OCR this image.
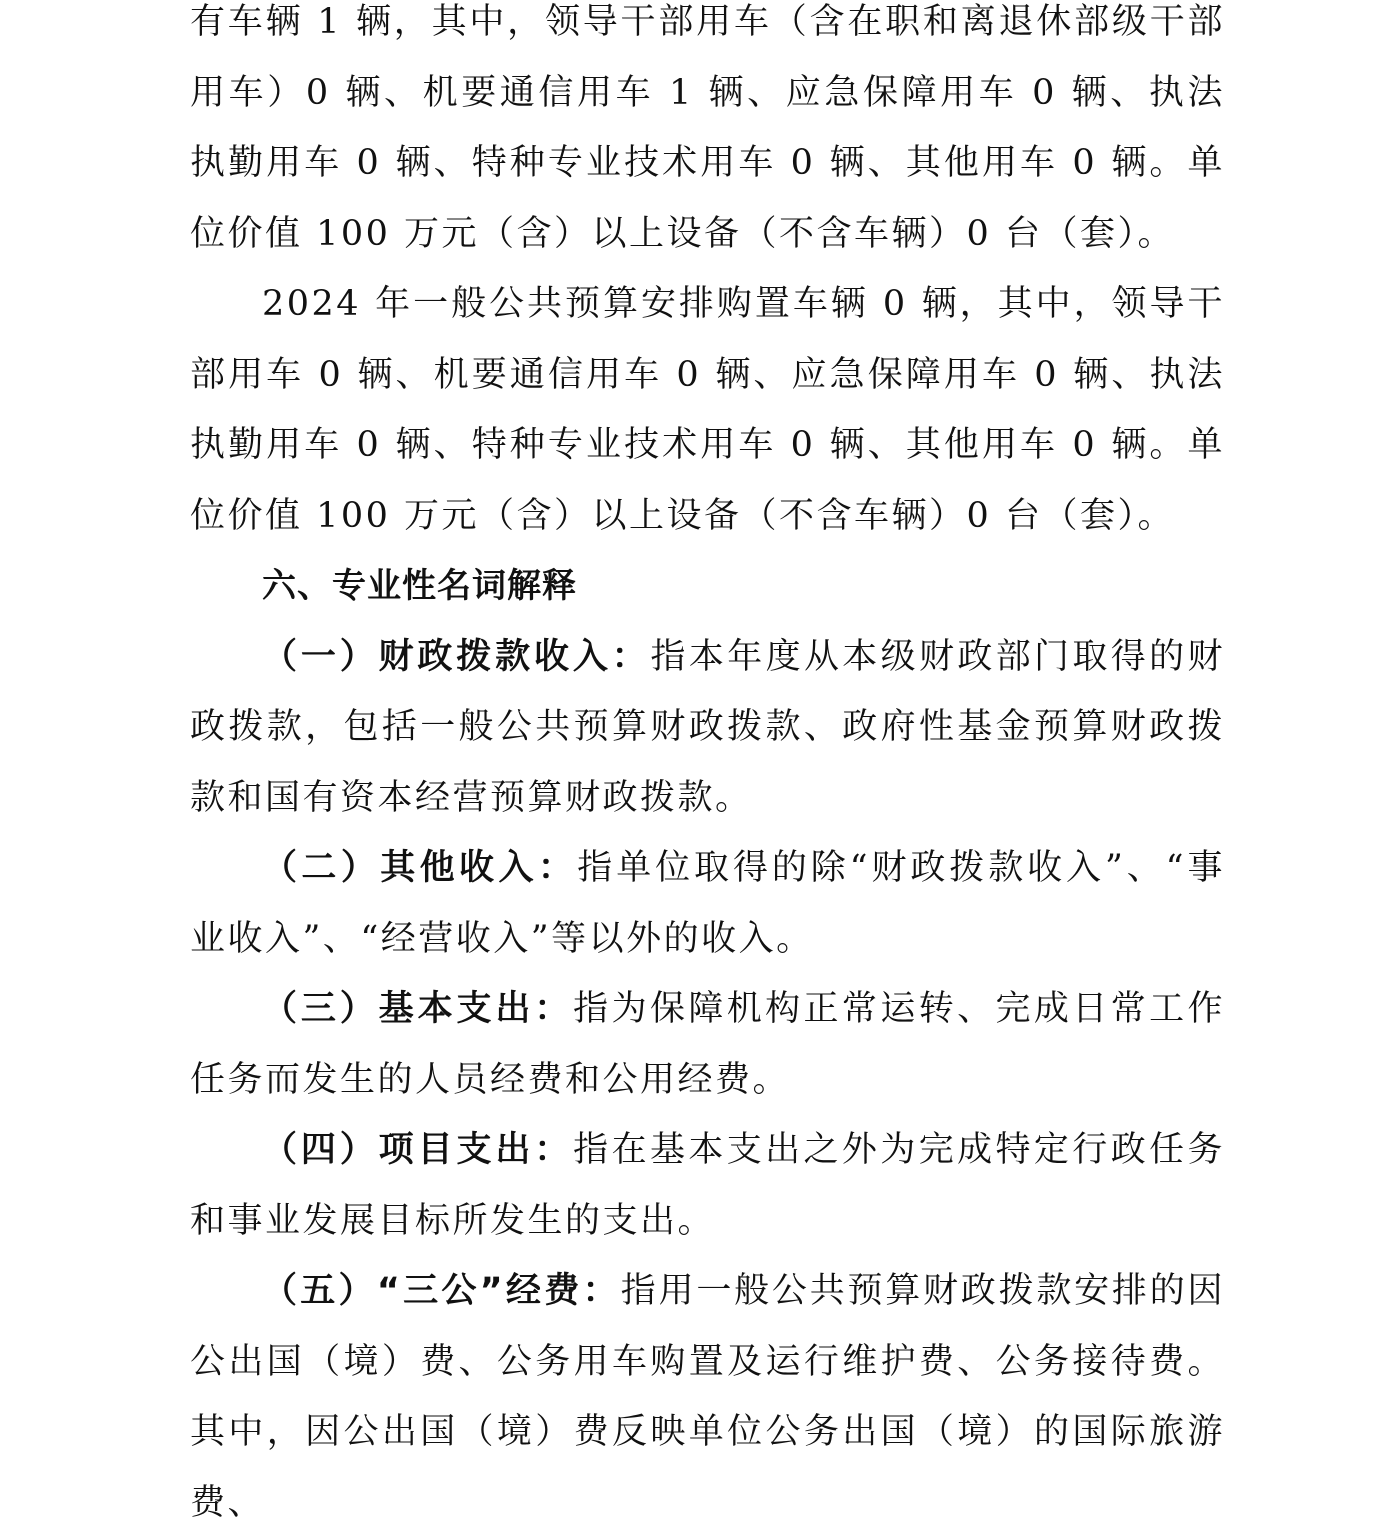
有车辆 1 辆，其中，领导干部用车（含在职和离退休部级干部用车）0 辆、机要通信用车 1 辆、应急保障用车 0 辆、执法执勤用车 0 辆、特种专业技术用车 0 辆、其他用车 0 辆。单位价值 100 万元（含）以上设备（不含车辆）0 台（套）。

2024 年一般公共预算安排购置车辆 0 辆，其中，领导干部用车 0 辆、机要通信用车 0 辆、应急保障用车 0 辆、执法执勤用车 0 辆、特种专业技术用车 0 辆、其他用车 0 辆。单位价值 100 万元（含）以上设备（不含车辆）0 台（套）。

六、专业性名词解释

（一）财政拨款收入：指本年度从本级财政部门取得的财政拨款，包括一般公共预算财政拨款、政府性基金预算财政拨款和国有资本经营预算财政拨款。

（二）其他收入：指单位取得的除“财政拨款收入”、“事业收入”、“经营收入”等以外的收入。

（三）基本支出：指为保障机构正常运转、完成日常工作任务而发生的人员经费和公用经费。

（四）项目支出：指在基本支出之外为完成特定行政任务和事业发展目标所发生的支出。

（五）“三公”经费：指用一般公共预算财政拨款安排的因公出国（境）费、公务用车购置及运行维护费、公务接待费。其中，因公出国（境）费反映单位公务出国（境）的国际旅游费、
